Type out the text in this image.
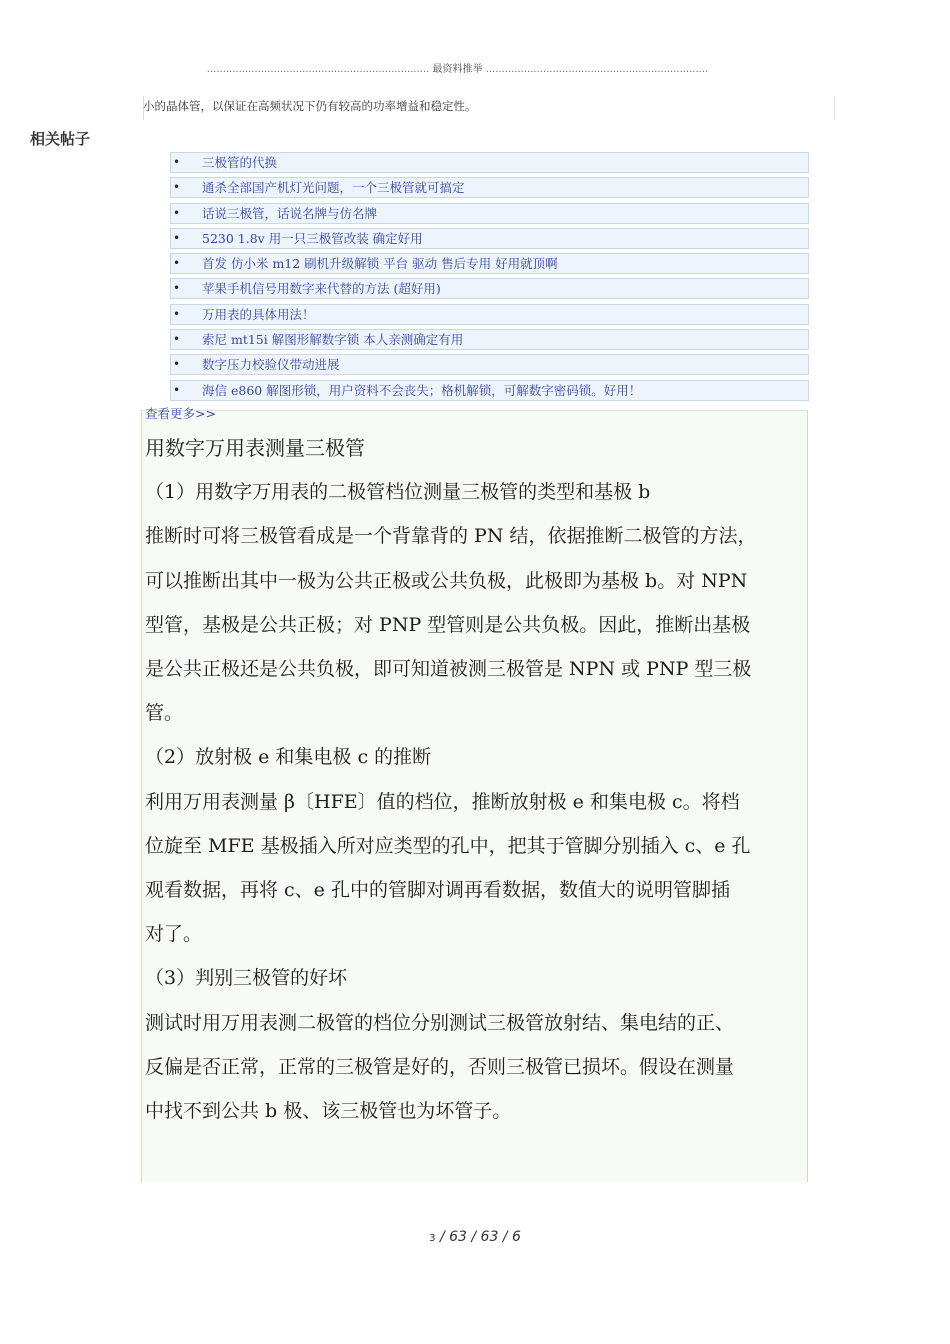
...................................................................... 最资料推举 ......................................................................
小的晶体管，以保证在高频状况下仍有较高的功率增益和稳定性。
相关帖子
• 三极管的代换
• 通杀全部国产机灯光问题，一个三极管就可搞定
• 话说三极管，话说名牌与仿名牌
• 5230 1.8v 用一只三极管改装 确定好用
• 首发 仿小米 m12 刷机升级解锁 平台 驱动 售后专用 好用就顶啊
• 苹果手机信号用数字来代替的方法 (超好用)
• 万用表的具体用法！
• 索尼 mt15i 解图形解数字锁 本人亲测确定有用
• 数字压力校验仪带动进展
• 海信 e860 解图形锁，用户资料不会丧失；格机解锁，可解数字密码锁。好用！
查看更多>>

用数字万用表测量三极管

（1）用数字万用表的二极管档位测量三极管的类型和基极 b

推断时可将三极管看成是一个背靠背的 PN 结，依据推断二极管的方法，

可以推断出其中一极为公共正极或公共负极，此极即为基极 b。对 NPN

型管，基极是公共正极；对 PNP 型管则是公共负极。因此，推断出基极

是公共正极还是公共负极，即可知道被测三极管是 NPN 或 PNP 型三极

管。

（2）放射极 e 和集电极 c 的推断

利用万用表测量 β〔HFE〕值的档位，推断放射极 e 和集电极 c。将档

位旋至 MFE 基极插入所对应类型的孔中，把其于管脚分别插入 c、e 孔

观看数据，再将 c、e 孔中的管脚对调再看数据，数值大的说明管脚插

对了。

（3）判别三极管的好坏

测试时用万用表测二极管的档位分别测试三极管放射结、集电结的正、

反偏是否正常，正常的三极管是好的，否则三极管已损坏。假设在测量

中找不到公共 b 极、该三极管也为坏管子。

3 / 63 / 63 / 6
